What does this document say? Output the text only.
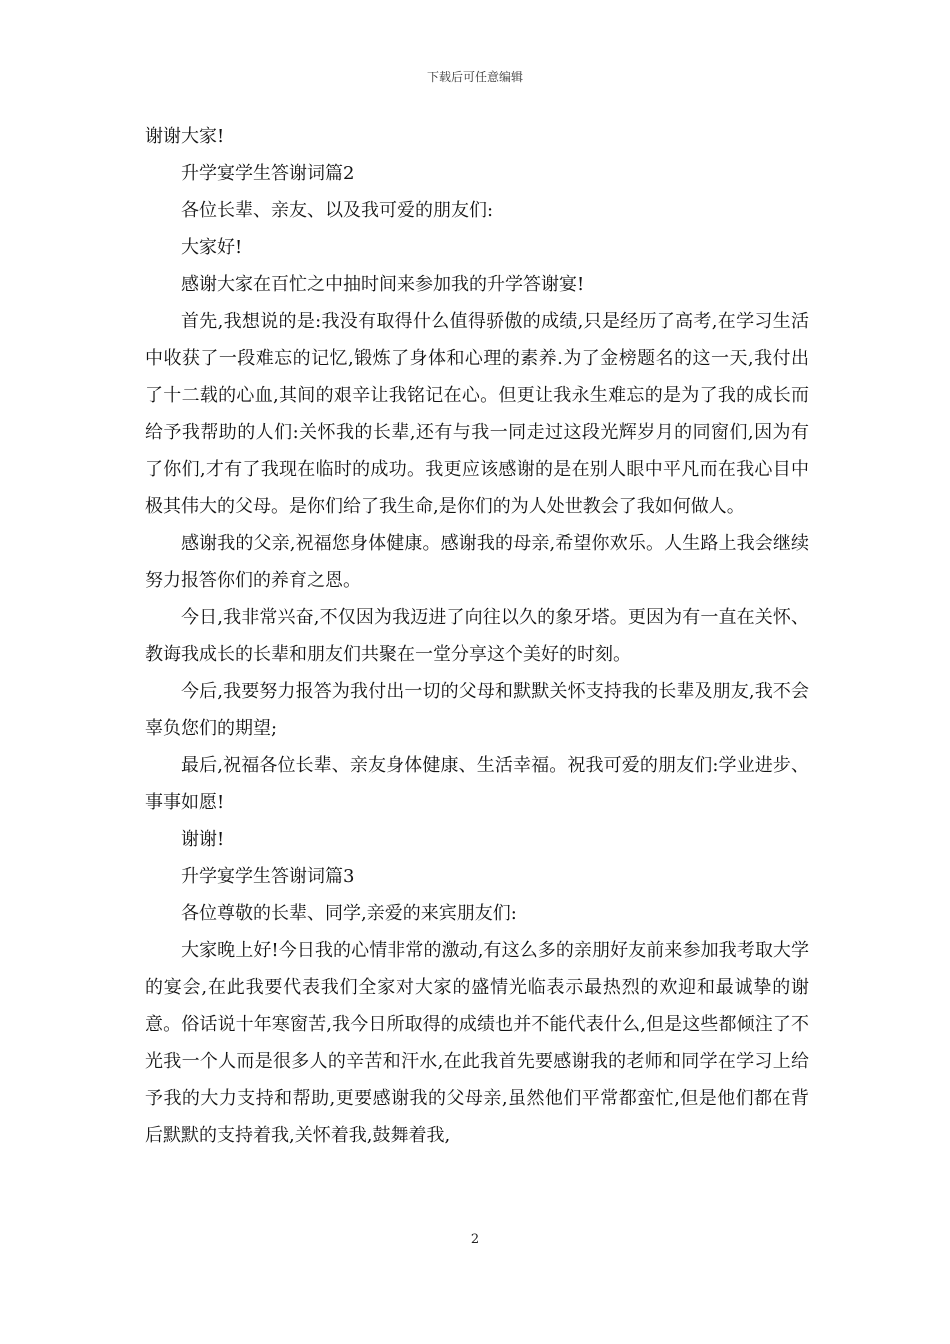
下载后可任意编辑

谢谢大家!

升学宴学生答谢词篇2

各位长辈、亲友、以及我可爱的朋友们:

大家好!

感谢大家在百忙之中抽时间来参加我的升学答谢宴!

首先,我想说的是:我没有取得什么值得骄傲的成绩,只是经历了高考,在学习生活中收获了一段难忘的记忆,锻炼了身体和心理的素养.为了金榜题名的这一天,我付出了十二载的心血,其间的艰辛让我铭记在心。但更让我永生难忘的是为了我的成长而给予我帮助的人们:关怀我的长辈,还有与我一同走过这段光辉岁月的同窗们,因为有了你们,才有了我现在临时的成功。我更应该感谢的是在别人眼中平凡而在我心目中极其伟大的父母。是你们给了我生命,是你们的为人处世教会了我如何做人。

感谢我的父亲,祝福您身体健康。感谢我的母亲,希望你欢乐。人生路上我会继续努力报答你们的养育之恩。

今日,我非常兴奋,不仅因为我迈进了向往以久的象牙塔。更因为有一直在关怀、教诲我成长的长辈和朋友们共聚在一堂分享这个美好的时刻。

今后,我要努力报答为我付出一切的父母和默默关怀支持我的长辈及朋友,我不会辜负您们的期望;

最后,祝福各位长辈、亲友身体健康、生活幸福。祝我可爱的朋友们:学业进步、事事如愿!

谢谢!

升学宴学生答谢词篇3

各位尊敬的长辈、同学,亲爱的来宾朋友们:

大家晚上好!今日我的心情非常的激动,有这么多的亲朋好友前来参加我考取大学的宴会,在此我要代表我们全家对大家的盛情光临表示最热烈的欢迎和最诚挚的谢意。俗话说十年寒窗苦,我今日所取得的成绩也并不能代表什么,但是这些都倾注了不光我一个人而是很多人的辛苦和汗水,在此我首先要感谢我的老师和同学在学习上给予我的大力支持和帮助,更要感谢我的父母亲,虽然他们平常都蛮忙,但是他们都在背后默默的支持着我,关怀着我,鼓舞着我,

2
